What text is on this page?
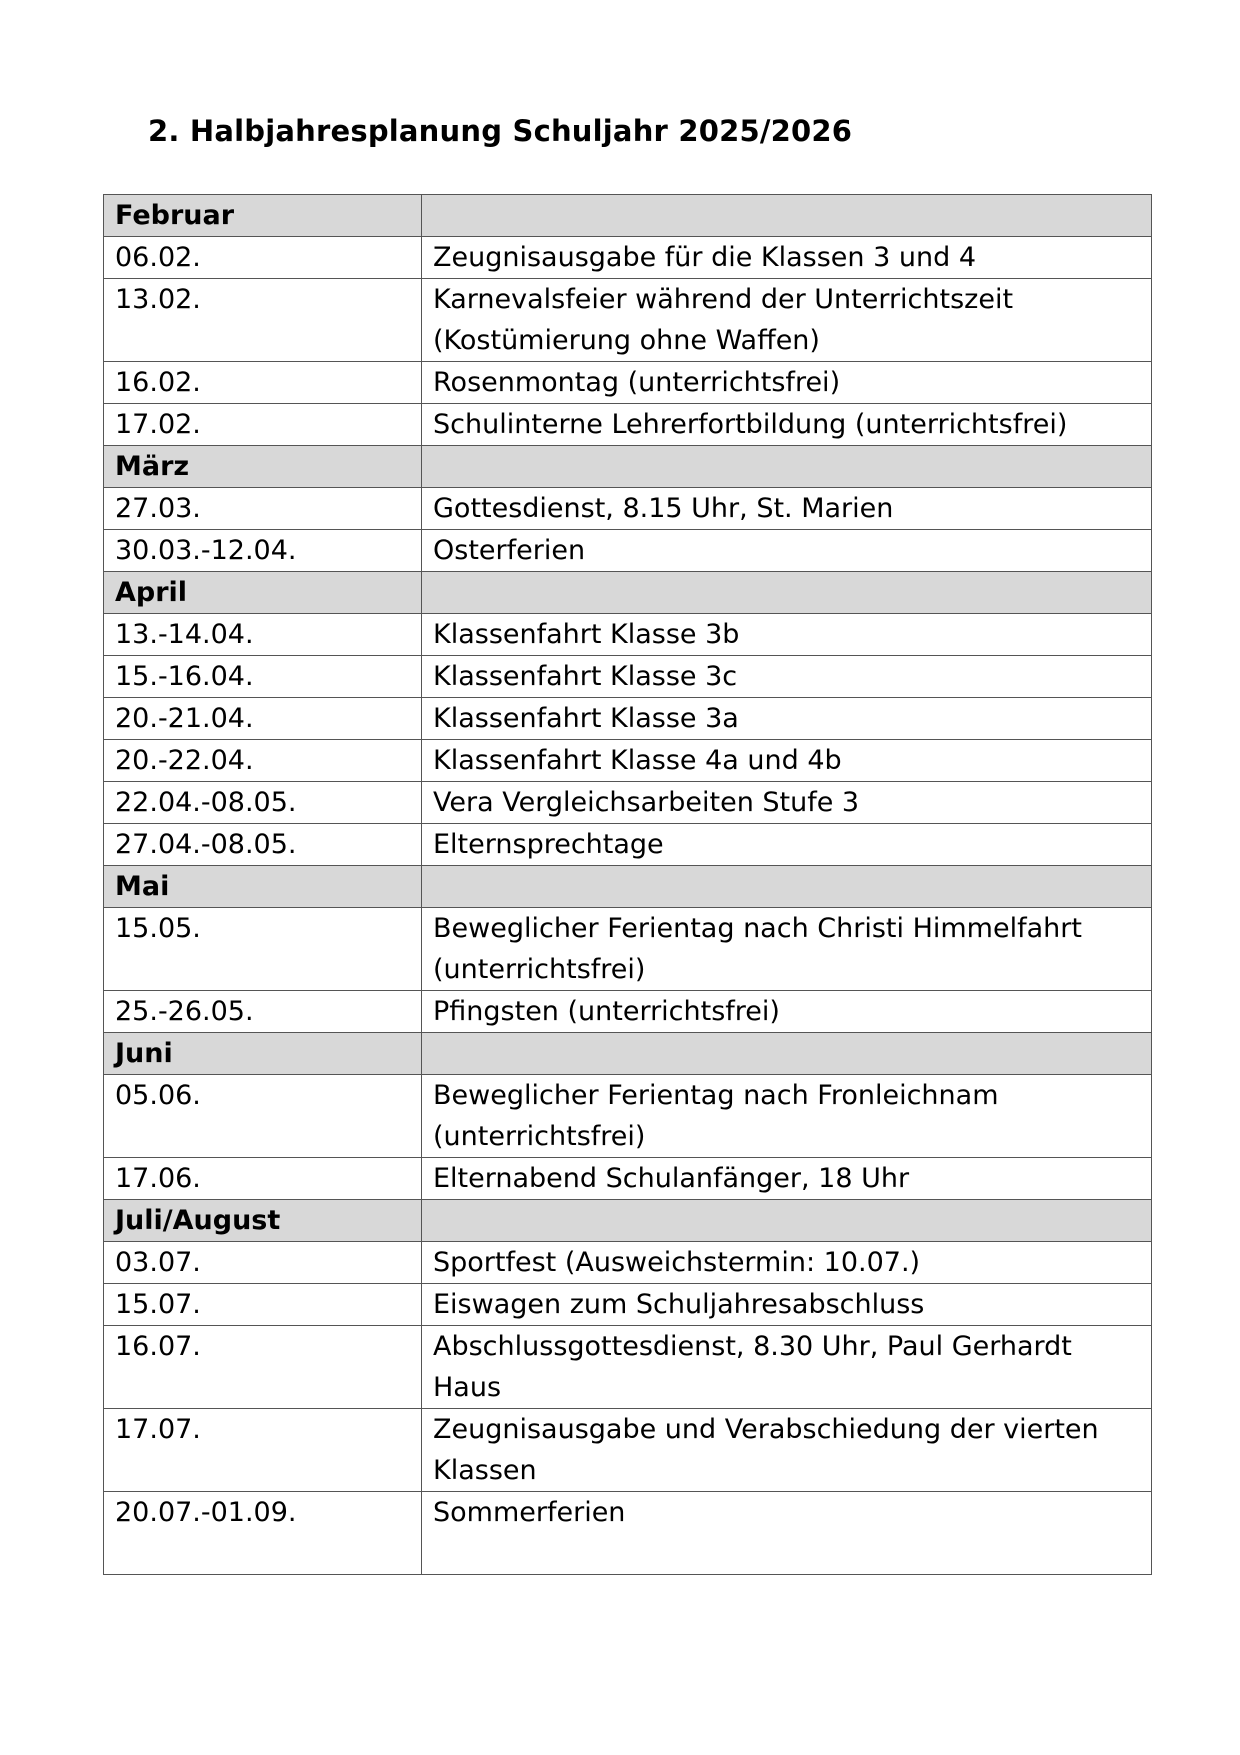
2. Halbjahresplanung Schuljahr 2025/2026
Februar	
06.02.	Zeugnisausgabe für die Klassen 3 und 4
13.02.	Karnevalsfeier während der Unterrichtszeit (Kostümierung ohne Waffen)
16.02.	Rosenmontag (unterrichtsfrei)
17.02.	Schulinterne Lehrerfortbildung (unterrichtsfrei)
März	
27.03.	Gottesdienst, 8.15 Uhr, St. Marien
30.03.-12.04.	Osterferien
April	
13.-14.04.	Klassenfahrt Klasse 3b
15.-16.04.	Klassenfahrt Klasse 3c
20.-21.04.	Klassenfahrt Klasse 3a
20.-22.04.	Klassenfahrt Klasse 4a und 4b
22.04.-08.05.	Vera Vergleichsarbeiten Stufe 3
27.04.-08.05.	Elternsprechtage
Mai	
15.05.	Beweglicher Ferientag nach Christi Himmelfahrt (unterrichtsfrei)
25.-26.05.	Pfingsten (unterrichtsfrei)
Juni	
05.06.	Beweglicher Ferientag nach Fronleichnam (unterrichtsfrei)
17.06.	Elternabend Schulanfänger, 18 Uhr
Juli/August	
03.07.	Sportfest (Ausweichstermin: 10.07.)
15.07.	Eiswagen zum Schuljahresabschluss
16.07.	Abschlussgottesdienst, 8.30 Uhr, Paul Gerhardt Haus
17.07.	Zeugnisausgabe und Verabschiedung der vierten Klassen
20.07.-01.09.	Sommerferien
